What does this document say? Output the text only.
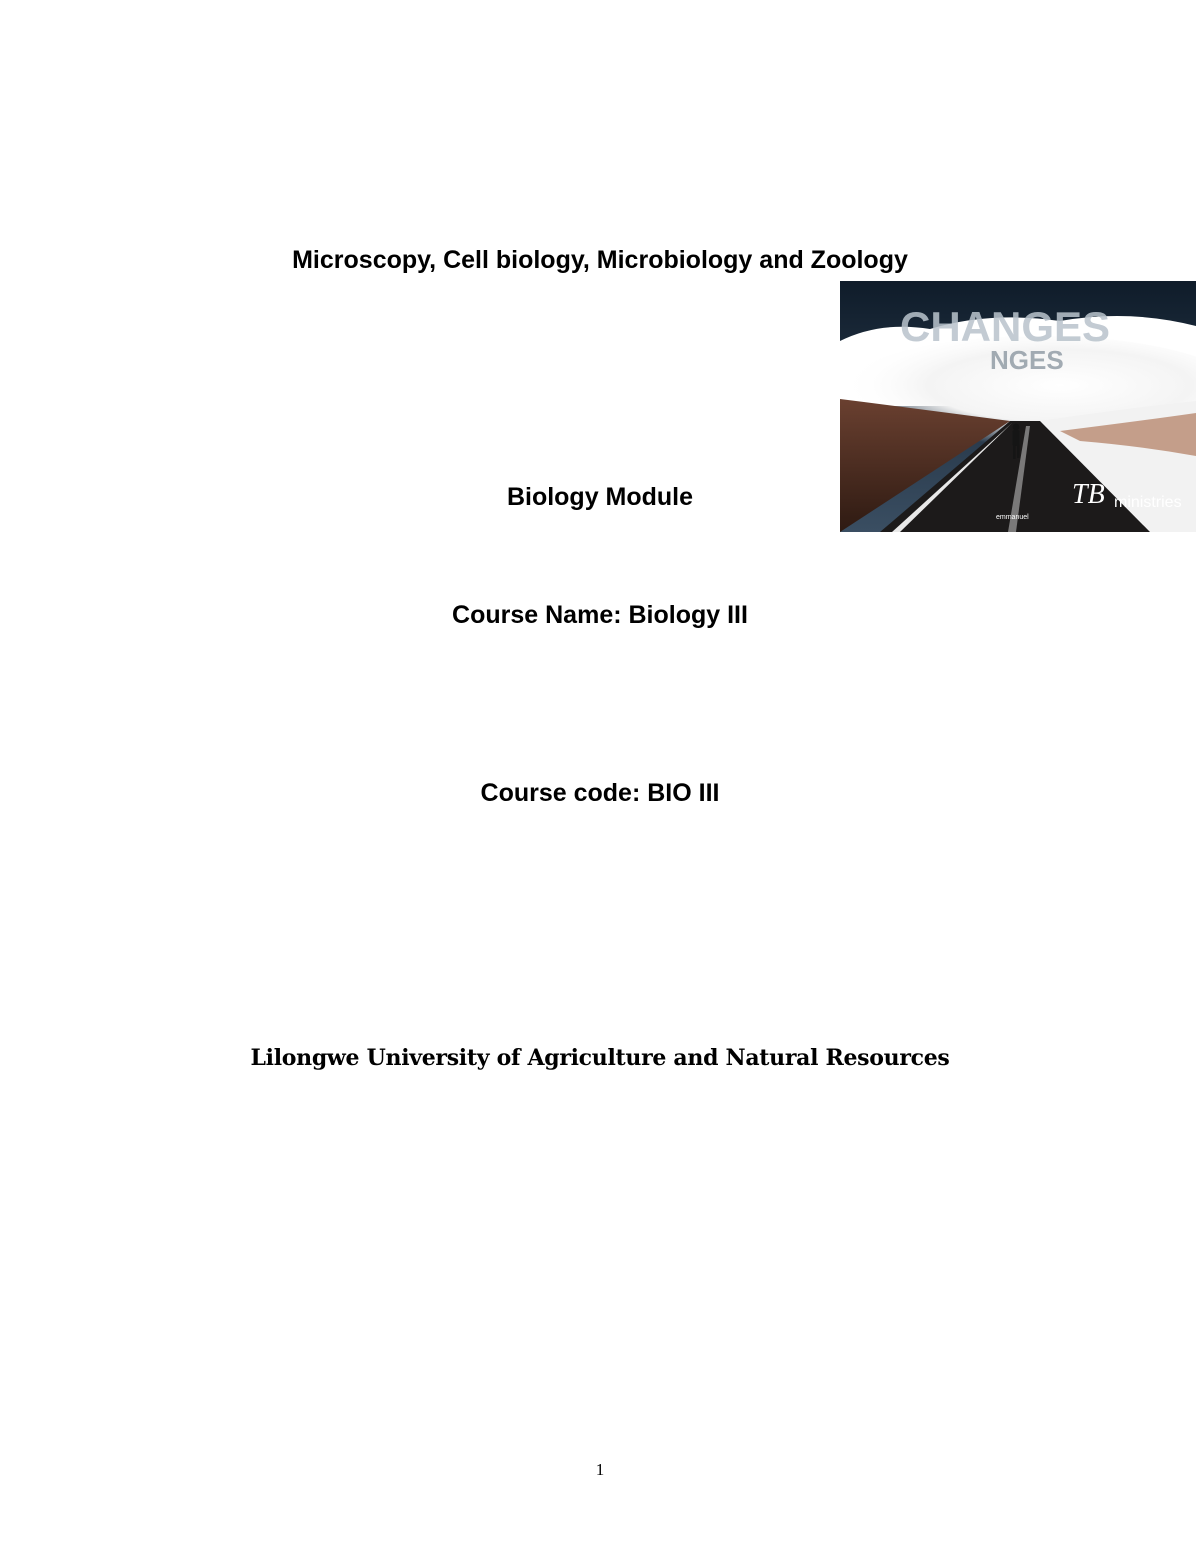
Microscopy, Cell biology, Microbiology and Zoology
CHANGES
NGES
TB ministries
emmanuel
Biology Module
Course Name: Biology III
Course code: BIO III
Lilongwe University of Agriculture and Natural Resources
1
